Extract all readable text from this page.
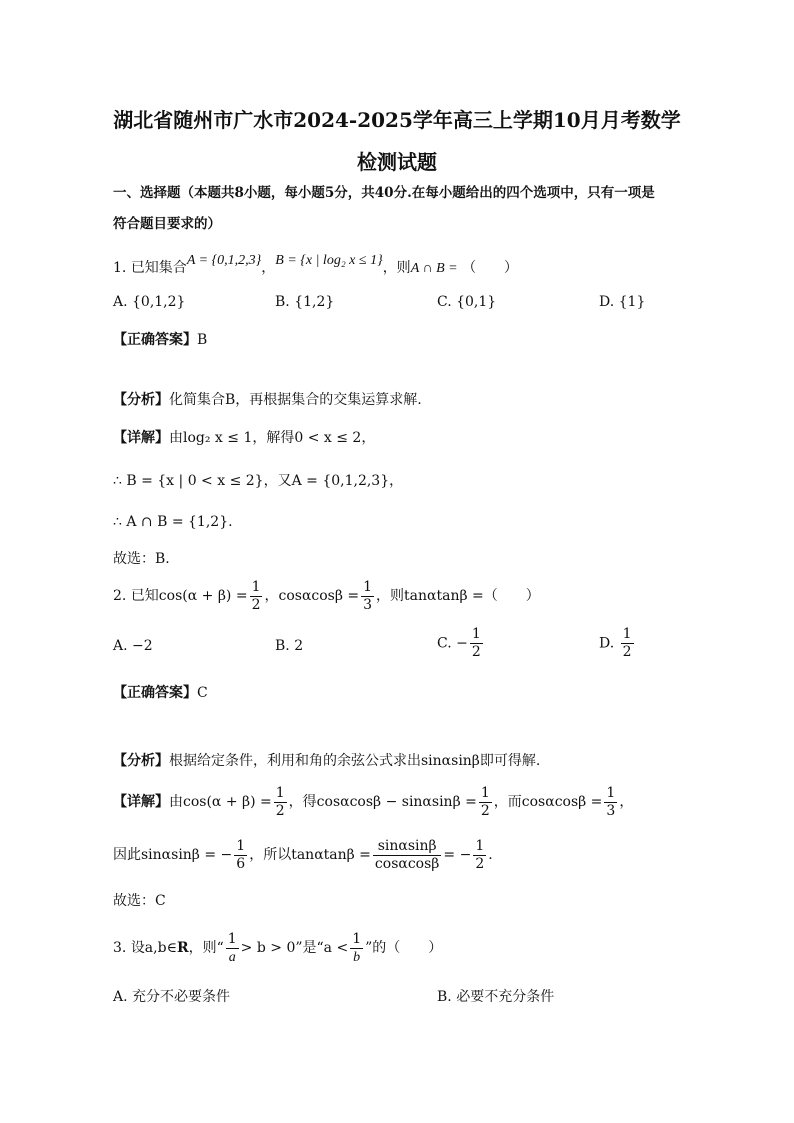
湖北省随州市广水市2024-2025学年高三上学期10月月考数学
检测试题
一、选择题（本题共8小题，每小题5分，共40分.在每小题给出的四个选项中，只有一项是
符合题目要求的）
1. 已知集合A = {0,1,2,3}，B = {x | log₂ x ≤ 1}，则A ∩ B = （　　）
A. {0,1,2}	B. {1,2}	C. {0,1}	D. {1}
【正确答案】B
【分析】化简集合B，再根据集合的交集运算求解.
【详解】由log₂ x ≤ 1，解得0 < x ≤ 2，
∴ B = {x | 0 < x ≤ 2}，又A = {0,1,2,3}，
∴ A ∩ B = {1,2}.
故选：B.
2. 已知$\cos(\alpha + \beta) = \frac{1}{2}$ ，$\cos\alpha\cos\beta = \frac{1}{3}$ ，则tanαtanβ =（　　）
A. −2	B. 2	C. − $\frac{1}{2}$	D. $\frac{1}{2}$
【正确答案】C
【分析】根据给定条件，利用和角的余弦公式求出sinαsinβ即可得解.
【详解】由$\cos(\alpha + \beta) = \frac{1}{2}$ ，得$\cos\alpha\cos\beta - \sin\alpha\sin\beta = \frac{1}{2}$ ，而$\cos\alpha\cos\beta = \frac{1}{3}$ ，
因此sinαsinβ = − $\frac{1}{6}$ ，所以$\tan\alpha\tan\beta = \frac{\sin\alpha\sin\beta}{\cos\alpha\cos\beta}$ = − $\frac{1}{2}$ .
故选：C
3. 设a,b∈R，则“ $\frac{1}{a} > b > 0$”是“$a < \frac{1}{b}$ ”的（　　）
A. 充分不必要条件	B. 必要不充分条件
